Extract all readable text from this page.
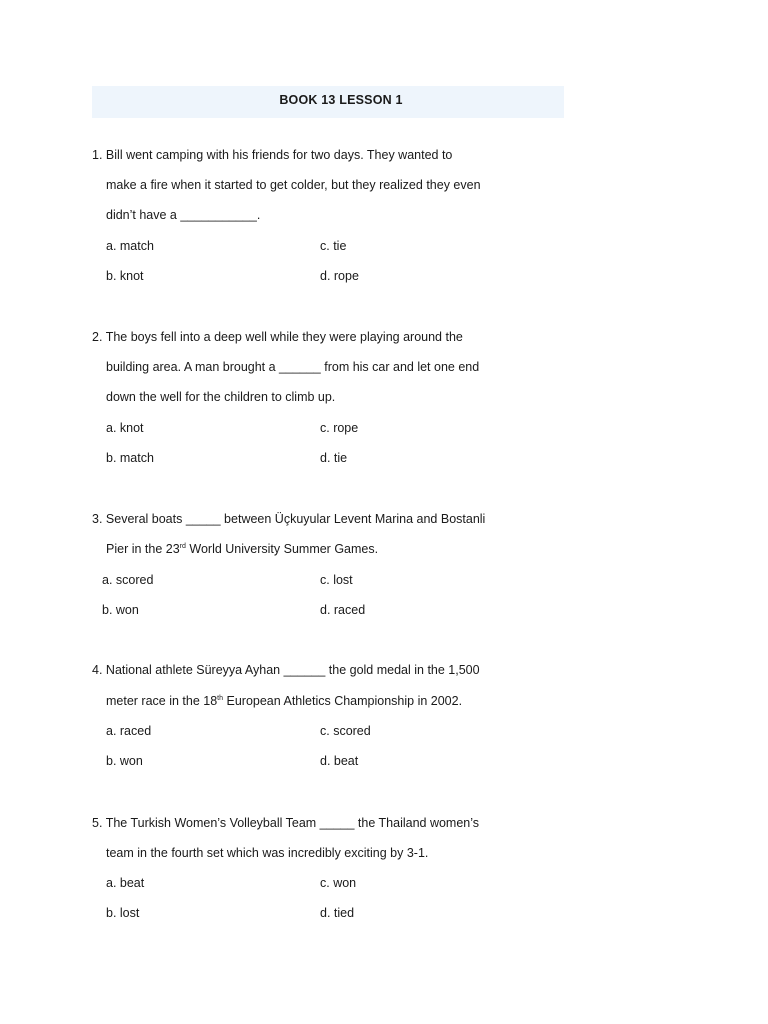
BOOK 13 LESSON 1
1. Bill went camping with his friends for two days. They wanted to
make a fire when it started to get colder, but they realized they even
didn’t have a ___________.
a. match	c. tie
b. knot	d. rope
2. The boys fell into a deep well while they were playing around the
building area. A man brought a ______ from his car and let one end
down the well for the children to climb up.
a. knot	c. rope
b. match	d. tie
3. Several boats _____ between Üçkuyular Levent Marina and Bostanli
Pier in the 23rd World University Summer Games.
a. scored	c. lost
b. won	d. raced
4. National athlete Süreyya Ayhan ______ the gold medal in the 1,500
meter race in the 18th European Athletics Championship in 2002.
a. raced	c. scored
b. won	d. beat
5. The Turkish Women’s Volleyball Team _____ the Thailand women’s
team in the fourth set which was incredibly exciting by 3-1.
a. beat	c. won
b. lost	d. tied
